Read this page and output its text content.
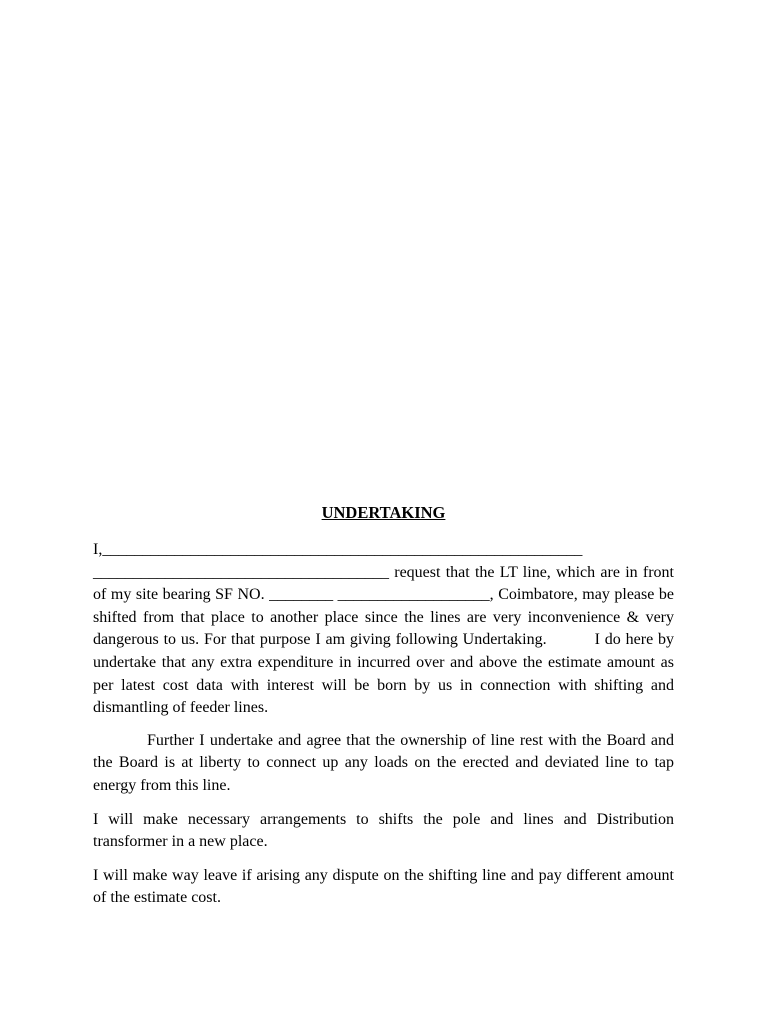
UNDERTAKING

I,____________________________________________________________
_____________________________________ request that the LT line, which are in front of my site bearing SF NO. ________ ___________________, Coimbatore, may please be shifted from that place to another place since the lines are very inconvenience & very dangerous to us. For that purpose I am giving following Undertaking.	I do here by undertake that any extra expenditure in incurred over and above the estimate amount as per latest cost data with interest will be born by us in connection with shifting and dismantling of feeder lines.

Further I undertake and agree that the ownership of line rest with the Board and the Board is at liberty to connect up any loads on the erected and deviated line to tap energy from this line.

I will make necessary arrangements to shifts the pole and lines and Distribution transformer in a new place.

I will make way leave if arising any dispute on the shifting line and pay different amount of the estimate cost.
